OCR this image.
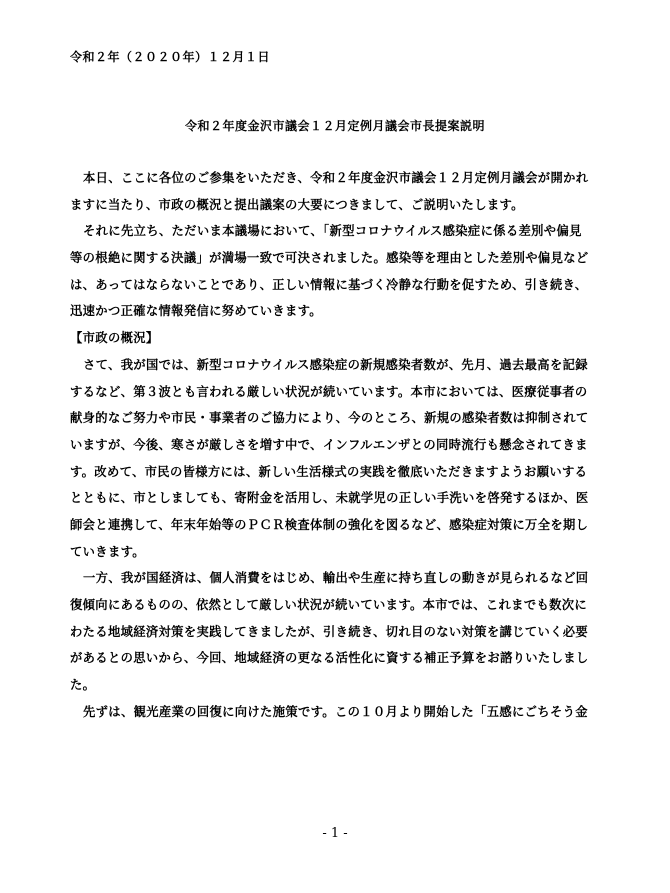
令和２年（２０２０年）１２月１日
令和２年度金沢市議会１２月定例月議会市長提案説明
本日、ここに各位のご参集をいただき、令和２年度金沢市議会１２月定例月議会が開かれ
ますに当たり、市政の概況と提出議案の大要につきまして、ご説明いたします。
それに先立ち、ただいま本議場において、「新型コロナウイルス感染症に係る差別や偏見
等の根絶に関する決議」が満場一致で可決されました。感染等を理由とした差別や偏見など
は、あってはならないことであり、正しい情報に基づく冷静な行動を促すため、引き続き、
迅速かつ正確な情報発信に努めていきます。
【市政の概況】
さて、我が国では、新型コロナウイルス感染症の新規感染者数が、先月、過去最高を記録
するなど、第３波とも言われる厳しい状況が続いています。本市においては、医療従事者の
献身的なご努力や市民・事業者のご協力により、今のところ、新規の感染者数は抑制されて
いますが、今後、寒さが厳しさを増す中で、インフルエンザとの同時流行も懸念されてきま
す。改めて、市民の皆様方には、新しい生活様式の実践を徹底いただきますようお願いする
とともに、市としましても、寄附金を活用し、未就学児の正しい手洗いを啓発するほか、医
師会と連携して、年末年始等のＰＣＲ検査体制の強化を図るなど、感染症対策に万全を期し
ていきます。
一方、我が国経済は、個人消費をはじめ、輸出や生産に持ち直しの動きが見られるなど回
復傾向にあるものの、依然として厳しい状況が続いています。本市では、これまでも数次に
わたる地域経済対策を実践してきましたが、引き続き、切れ目のない対策を講じていく必要
があるとの思いから、今回、地域経済の更なる活性化に資する補正予算をお諮りいたしまし
た。
先ずは、観光産業の回復に向けた施策です。この１０月より開始した「五感にごちそう金
- 1 -
